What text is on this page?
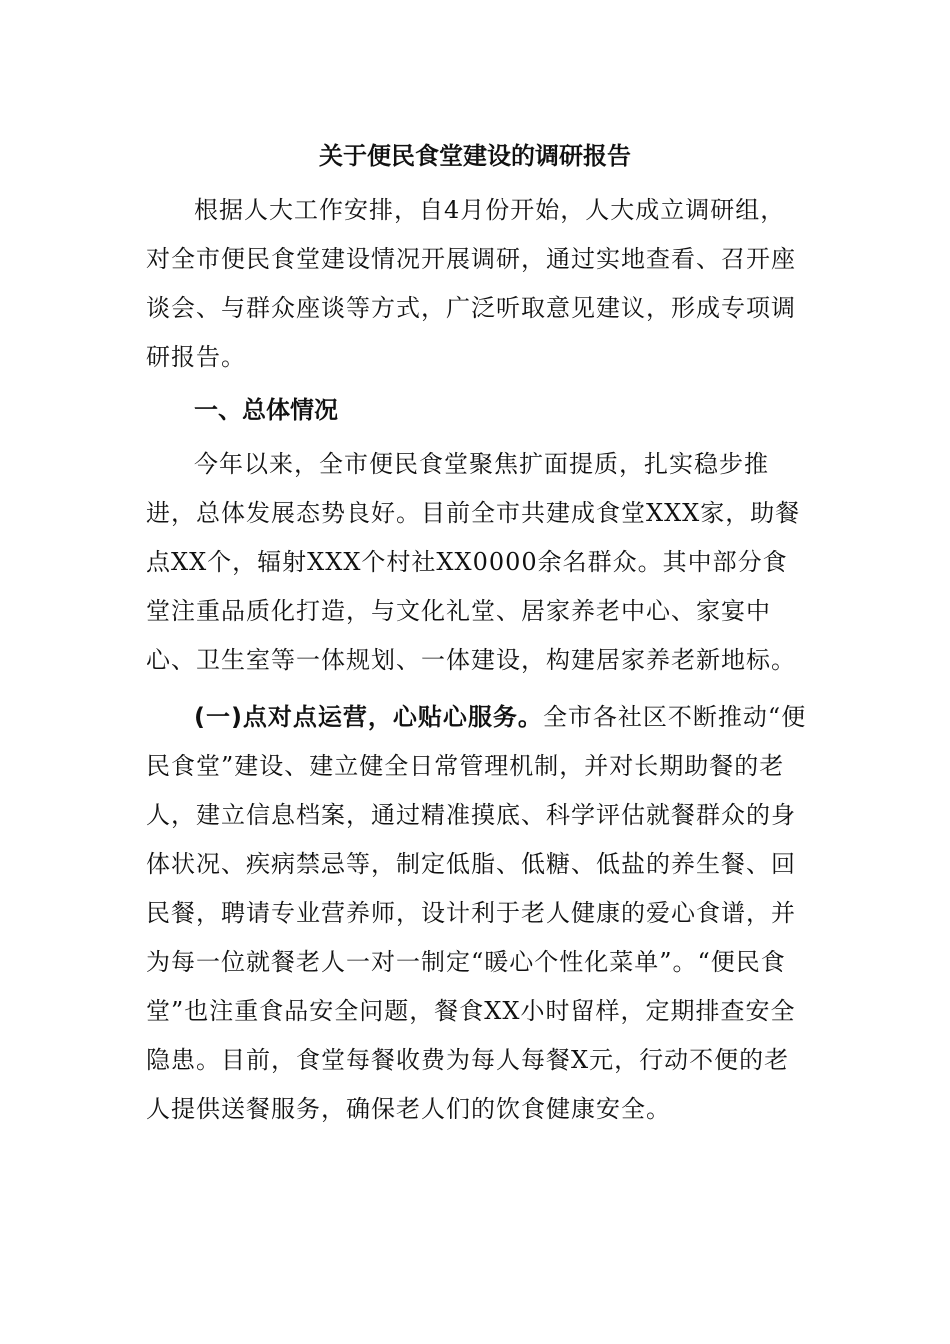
关于便民食堂建设的调研报告

根据人大工作安排，自4月份开始，人大成立调研组，对全市便民食堂建设情况开展调研，通过实地查看、召开座谈会、与群众座谈等方式，广泛听取意见建议，形成专项调研报告。

一、总体情况

今年以来，全市便民食堂聚焦扩面提质，扎实稳步推进，总体发展态势良好。目前全市共建成食堂XXX家，助餐点XX个，辐射XXX个村社XX0000余名群众。其中部分食堂注重品质化打造，与文化礼堂、居家养老中心、家宴中心、卫生室等一体规划、一体建设，构建居家养老新地标。

(一)点对点运营，心贴心服务。全市各社区不断推动“便民食堂”建设、建立健全日常管理机制，并对长期助餐的老人，建立信息档案，通过精准摸底、科学评估就餐群众的身体状况、疾病禁忌等，制定低脂、低糖、低盐的养生餐、回民餐，聘请专业营养师，设计利于老人健康的爱心食谱，并为每一位就餐老人一对一制定“暖心个性化菜单”。“便民食堂”也注重食品安全问题，餐食XX小时留样，定期排查安全隐患。目前，食堂每餐收费为每人每餐X元，行动不便的老人提供送餐服务，确保老人们的饮食健康安全。
